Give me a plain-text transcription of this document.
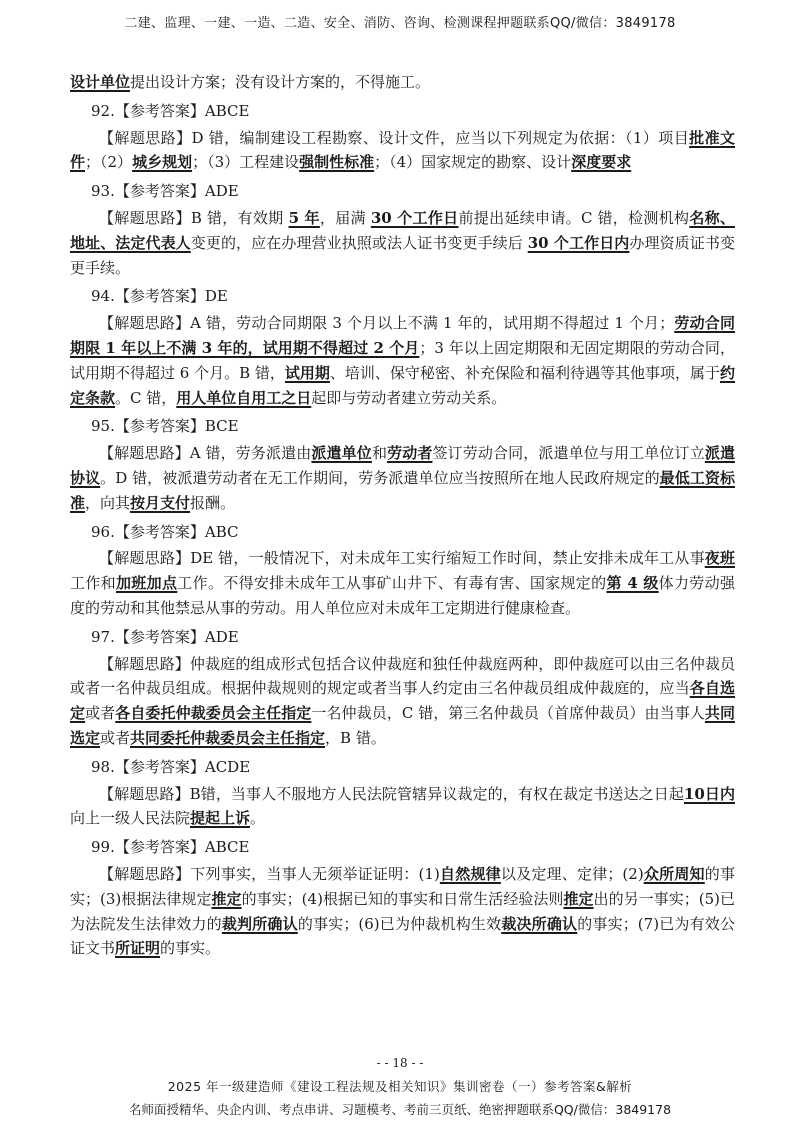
二建、监理、一建、一造、二造、安全、消防、咨询、检测课程押题联系QQ/微信：3849178

设计单位提出设计方案；没有设计方案的，不得施工。

92.【参考答案】ABCE

【解题思路】D 错，编制建设工程勘察、设计文件，应当以下列规定为依据：（1）项目批准文件；（2）城乡规划；（3）工程建设强制性标准；（4）国家规定的勘察、设计深度要求

93.【参考答案】ADE

【解题思路】B 错，有效期 5 年，届满 30 个工作日前提出延续申请。C 错，检测机构名称、地址、法定代表人变更的，应在办理营业执照或法人证书变更手续后 30 个工作日内办理资质证书变更手续。

94.【参考答案】DE

【解题思路】A 错，劳动合同期限 3 个月以上不满 1 年的，试用期不得超过 1 个月；劳动合同期限 1 年以上不满 3 年的，试用期不得超过 2 个月；3 年以上固定期限和无固定期限的劳动合同，试用期不得超过 6 个月。B 错，试用期、培训、保守秘密、补充保险和福利待遇等其他事项，属于约定条款。C 错，用人单位自用工之日起即与劳动者建立劳动关系。

95.【参考答案】BCE

【解题思路】A 错，劳务派遣由派遣单位和劳动者签订劳动合同，派遣单位与用工单位订立派遣协议。D 错，被派遣劳动者在无工作期间，劳务派遣单位应当按照所在地人民政府规定的最低工资标准，向其按月支付报酬。

96.【参考答案】ABC

【解题思路】DE 错，一般情况下，对未成年工实行缩短工作时间，禁止安排未成年工从事夜班工作和加班加点工作。不得安排未成年工从事矿山井下、有毒有害、国家规定的第 4 级体力劳动强度的劳动和其他禁忌从事的劳动。用人单位应对未成年工定期进行健康检查。

97.【参考答案】ADE

【解题思路】仲裁庭的组成形式包括合议仲裁庭和独任仲裁庭两种，即仲裁庭可以由三名仲裁员或者一名仲裁员组成。根据仲裁规则的规定或者当事人约定由三名仲裁员组成仲裁庭的，应当各自选定或者各自委托仲裁委员会主任指定一名仲裁员，C 错，第三名仲裁员（首席仲裁员）由当事人共同选定或者共同委托仲裁委员会主任指定，B 错。

98.【参考答案】ACDE

【解题思路】B错，当事人不服地方人民法院管辖异议裁定的，有权在裁定书送达之日起10日内向上一级人民法院提起上诉。

99.【参考答案】ABCE

【解题思路】下列事实，当事人无须举证证明：(1)自然规律以及定理、定律；(2)众所周知的事实；(3)根据法律规定推定的事实；(4)根据已知的事实和日常生活经验法则推定出的另一事实；(5)已为法院发生法律效力的裁判所确认的事实；(6)已为仲裁机构生效裁决所确认的事实；(7)已为有效公证文书所证明的事实。

- - 18 - -
2025 年一级建造师《建设工程法规及相关知识》集训密卷（一）参考答案&解析
名师面授精华、央企内训、考点串讲、习题模考、考前三页纸、绝密押题联系QQ/微信：3849178
